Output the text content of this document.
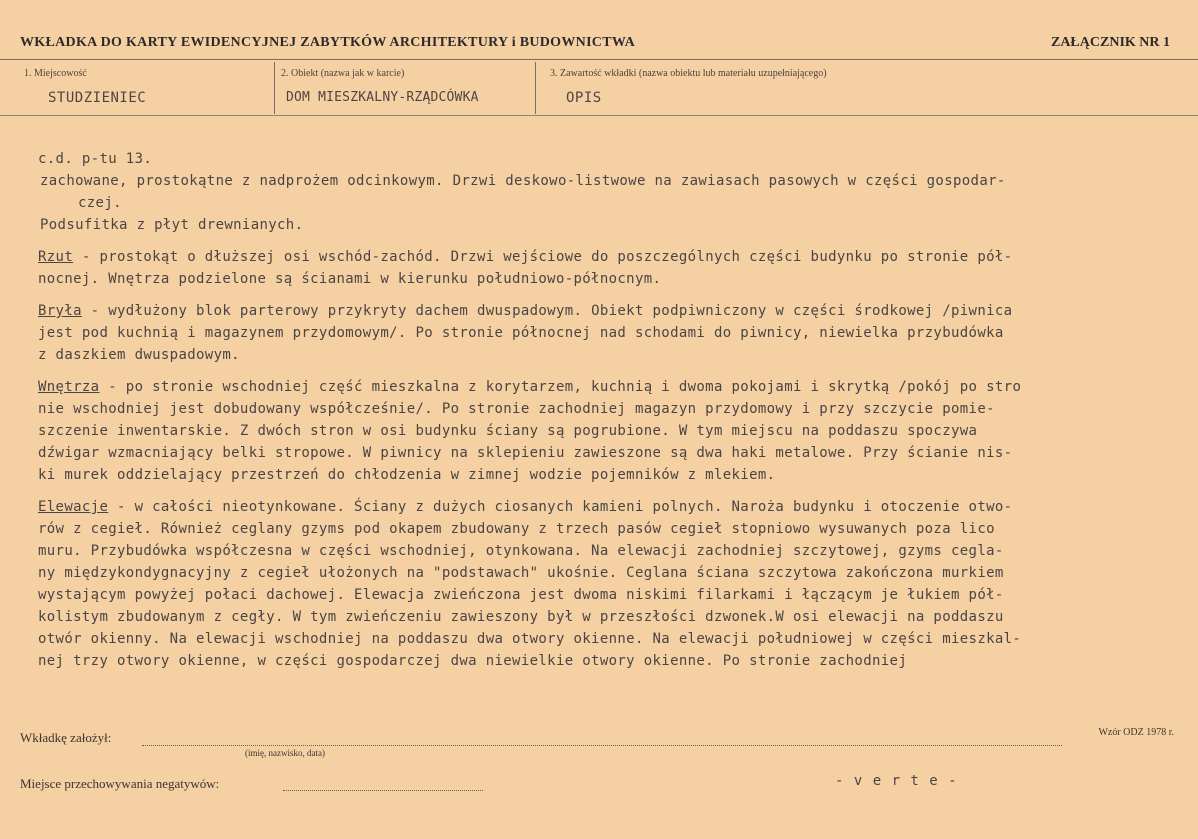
WKŁADKA DO KARTY EWIDENCYJNEJ ZABYTKÓW ARCHITEKTURY i BUDOWNICTWA	ZAŁĄCZNIK NR 1
1. Miejscowość
STUDZIENIEC
2. Obiekt (nazwa jak w karcie)
DOM MIESZKALNY-RZĄDCÓWKA
3. Zawartość wkładki (nazwa obiektu lub materiału uzupełniającego)
OPIS
c.d. p-tu 13.
zachowane, prostokątne z nadprożem odcinkowym. Drzwi deskowo-listwowe na zawiasach pasowych w części gospodar-
czej.
Podsufitka z płyt drewnianych.
Rzut - prostokąt o dłuższej osi wschód-zachód. Drzwi wejściowe do poszczególnych części budynku po stronie pół-
nocnej. Wnętrza podzielone są ścianami w kierunku południowo-północnym.
Bryła - wydłużony blok parterowy przykryty dachem dwuspadowym. Obiekt podpiwniczony w części środkowej /piwnica
jest pod kuchnią i magazynem przydomowym/. Po stronie północnej nad schodami do piwnicy, niewielka przybudówka
z daszkiem dwuspadowym.
Wnętrza - po stronie wschodniej część mieszkalna z korytarzem, kuchnią i dwoma pokojami i skrytką /pokój po stro
nie wschodniej jest dobudowany współcześnie/. Po stronie zachodniej magazyn przydomowy i przy szczycie pomie-
szczenie inwentarskie. Z dwóch stron w osi budynku ściany są pogrubione. W tym miejscu na poddaszu spoczywa
dźwigar wzmacniający belki stropowe. W piwnicy na sklepieniu zawieszone są dwa haki metalowe. Przy ścianie nis-
ki murek oddzielający przestrzeń do chłodzenia w zimnej wodzie pojemników z mlekiem.
Elewacje - w całości nieotynkowane. Ściany z dużych ciosanych kamieni polnych. Naroża budynku i otoczenie otwo-
rów z cegieł. Również ceglany gzyms pod okapem zbudowany z trzech pasów cegieł stopniowo wysuwanych poza lico
muru. Przybudówka współczesna w części wschodniej, otynkowana. Na elewacji zachodniej szczytowej, gzyms cegla-
ny międzykondygnacyjny z cegieł ułożonych na "podstawach" ukośnie. Ceglana ściana szczytowa zakończona murkiem
wystającym powyżej połaci dachowej. Elewacja zwieńczona jest dwoma niskimi filarkami i łączącym je łukiem pół-
kolistym zbudowanym z cegły. W tym zwieńczeniu zawieszony był w przeszłości dzwonek.W osi elewacji na poddaszu
otwór okienny. Na elewacji wschodniej na poddaszu dwa otwory okienne. Na elewacji południowej w części mieszkal-
nej trzy otwory okienne, w części gospodarczej dwa niewielkie otwory okienne. Po stronie zachodniej
Wkładkę założył:
(imię, nazwisko, data)
Wzór ODZ 1978 r.
Miejsce przechowywania negatywów:	- v e r t e -
